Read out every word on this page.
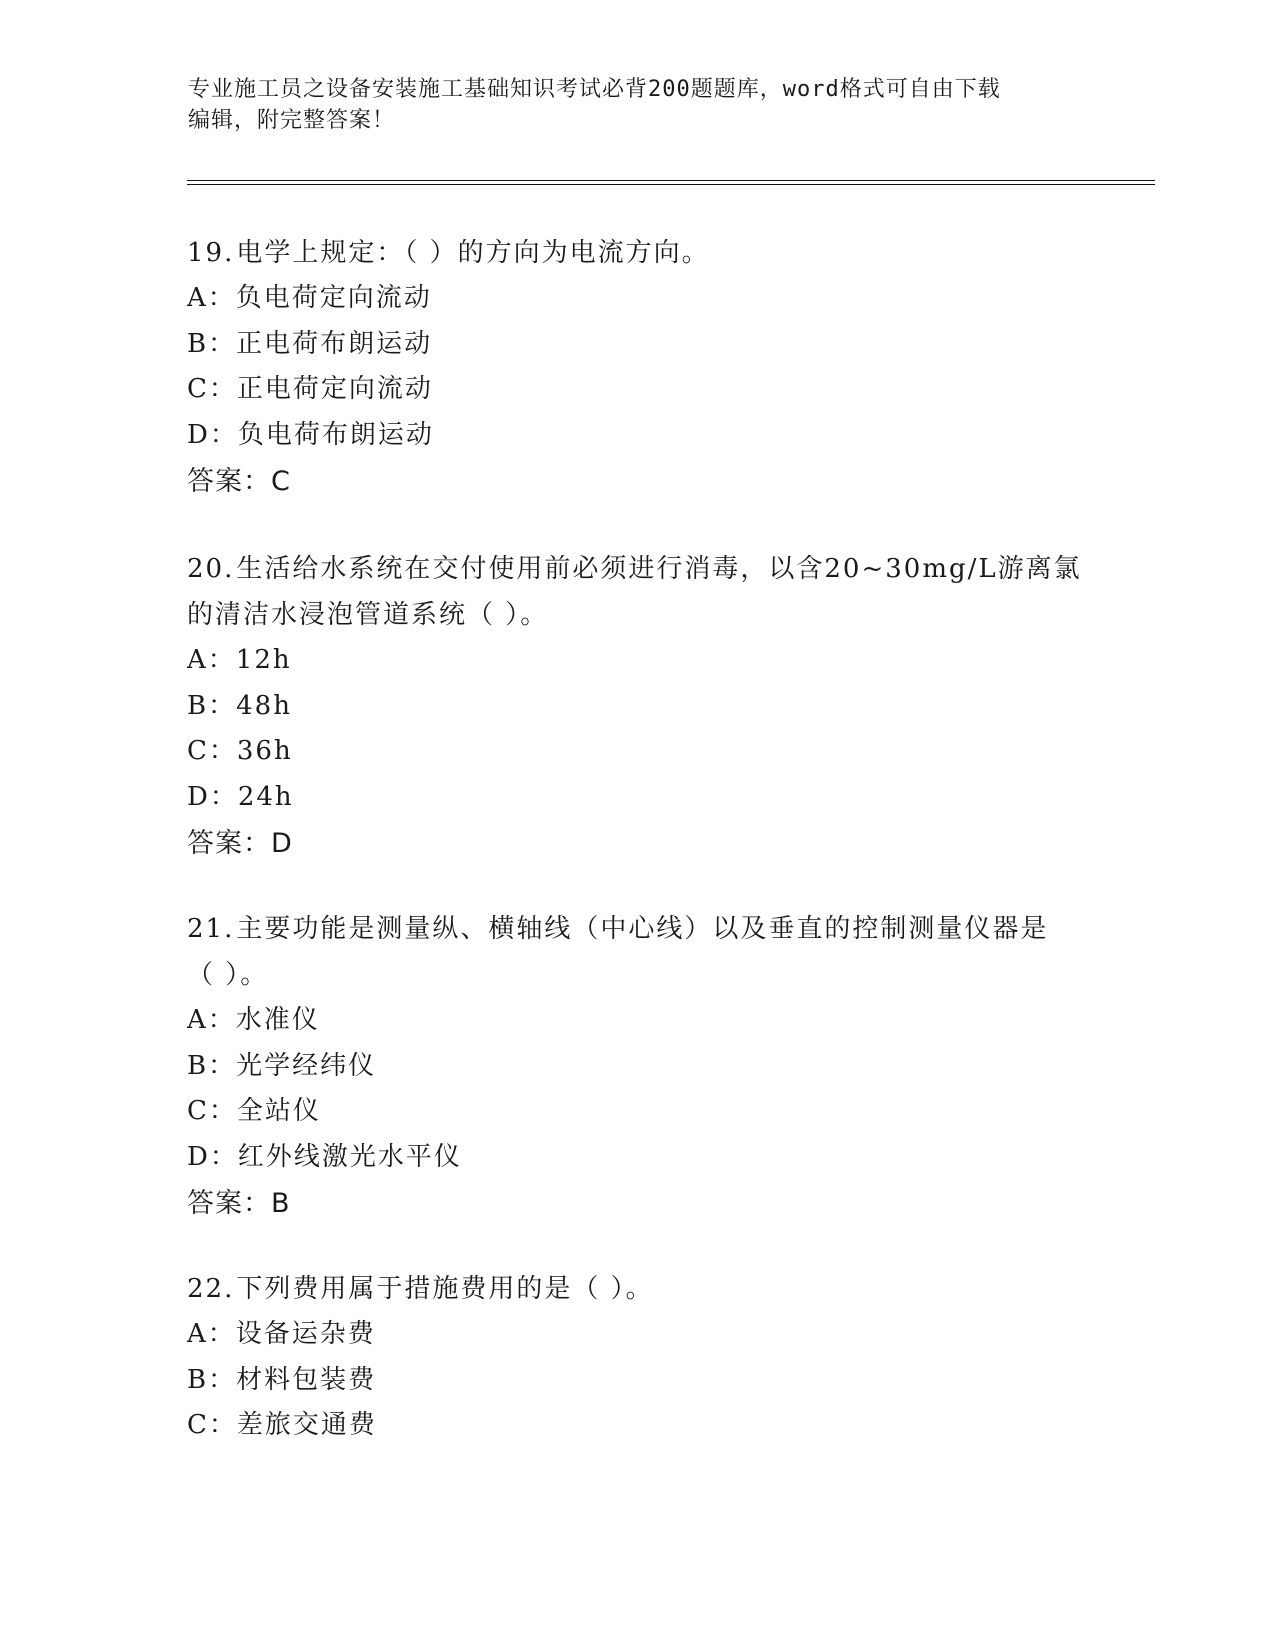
专业施工员之设备安装施工基础知识考试必背200题题库，word格式可自由下载
编辑，附完整答案！
19.电学上规定：（ ）的方向为电流方向。
A：负电荷定向流动
B：正电荷布朗运动
C：正电荷定向流动
D：负电荷布朗运动
答案：C
20.生活给水系统在交付使用前必须进行消毒，以含20~30mg/L游离氯
的清洁水浸泡管道系统（ ）。
A：12h
B：48h
C：36h
D：24h
答案：D
21.主要功能是测量纵、横轴线（中心线）以及垂直的控制测量仪器是
（ ）。
A：水准仪
B：光学经纬仪
C：全站仪
D：红外线激光水平仪
答案：B
22.下列费用属于措施费用的是（ ）。
A：设备运杂费
B：材料包装费
C：差旅交通费
